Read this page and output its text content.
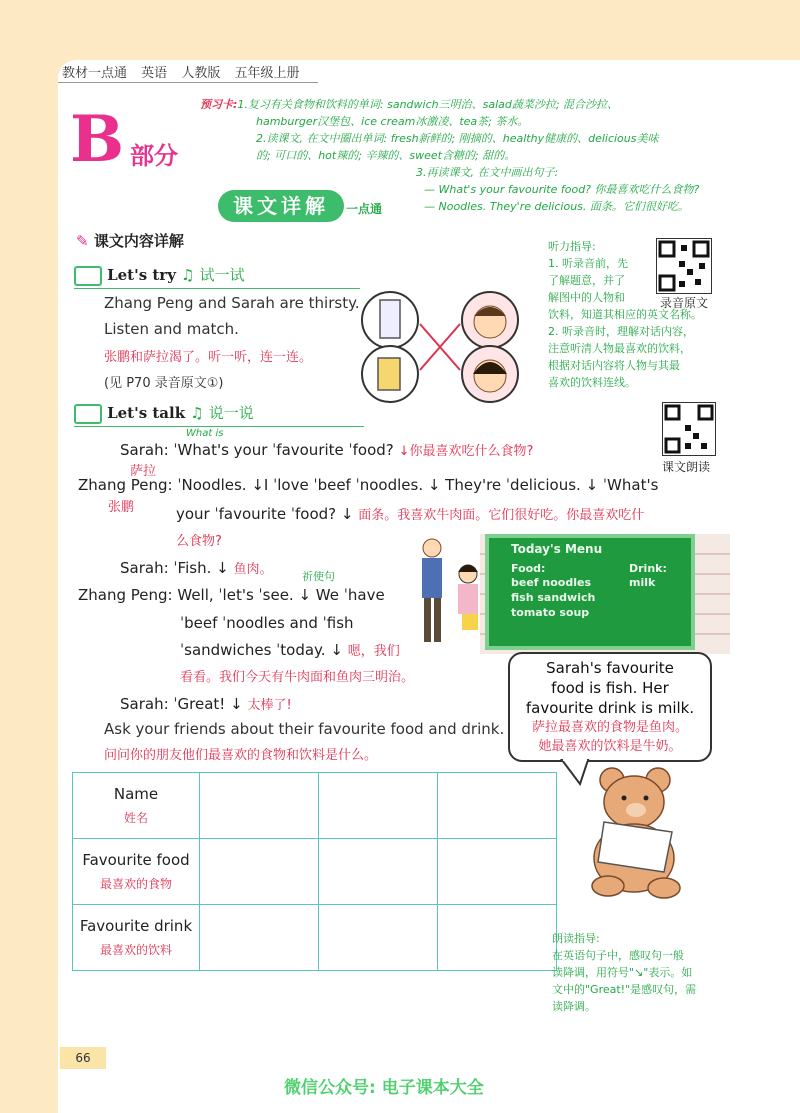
教材一点通 英语 人教版 五年级上册
B 部分
预习卡:1.复习有关食物和饮料的单词: sandwich三明治、salad蔬菜沙拉; 混合沙拉、
hamburger汉堡包、ice cream冰激凌、tea茶; 茶水。
2.读课文, 在文中圈出单词: fresh新鲜的; 刚摘的、healthy健康的、delicious美味
的; 可口的、hot辣的; 辛辣的、sweet含糖的; 甜的。
3.再读课文, 在文中画出句子:
— What's your favourite food? 你最喜欢吃什么食物?
— Noodles. They're delicious. 面条。它们很好吃。
课文详解	一点通
✎ 课文内容详解
Let's try ♫ 试一试
Zhang Peng and Sarah are thirsty.
Listen and match.
张鹏和萨拉渴了。听一听，连一连。
(见 P70 录音原文①)
听力指导:
1. 听录音前，先
了解题意，并了
解图中的人物和
饮料，知道其相应的英文名称。
2. 听录音时，理解对话内容，
注意听清人物最喜欢的饮料，
根据对话内容将人物与其最
喜欢的饮料连线。
录音原文
课文朗读
Let's talk ♫ 说一说
What is
Sarah: ˈWhat's your ˈfavourite ˈfood? ↓你最喜欢吃什么食物?
萨拉
Zhang Peng: ˈNoodles. ↓I ˈlove ˈbeef ˈnoodles. ↓ They're ˈdelicious. ↓ ˈWhat's
张鹏	your ˈfavourite ˈfood? ↓ 面条。我喜欢牛肉面。它们很好吃。你最喜欢吃什
么食物?
Sarah: ˈFish. ↓ 鱼肉。	祈使句
Zhang Peng: Well, ˈlet's ˈsee. ↓ We ˈhave
ˈbeef ˈnoodles and ˈfish
ˈsandwiches ˈtoday. ↓ 嗯，我们
看看。我们今天有牛肉面和鱼肉三明治。
Sarah: ˈGreat! ↓ 太棒了!
Today's Menu
Food:	Drink:
beef noodles	milk
fish sandwich
tomato soup
Sarah's favourite
food is fish. Her
favourite drink is milk.
萨拉最喜欢的食物是鱼肉。
她最喜欢的饮料是牛奶。
Ask your friends about their favourite food and drink.
问问你的朋友他们最喜欢的食物和饮料是什么。
Name
姓名			

Favourite food
最喜欢的食物			

Favourite drink
最喜欢的饮料			

朗读指导:
在英语句子中，感叹句一般
读降调，用符号"↘"表示。如
文中的"Great!"是感叹句，需
读降调。
66
微信公众号: 电子课本大全
